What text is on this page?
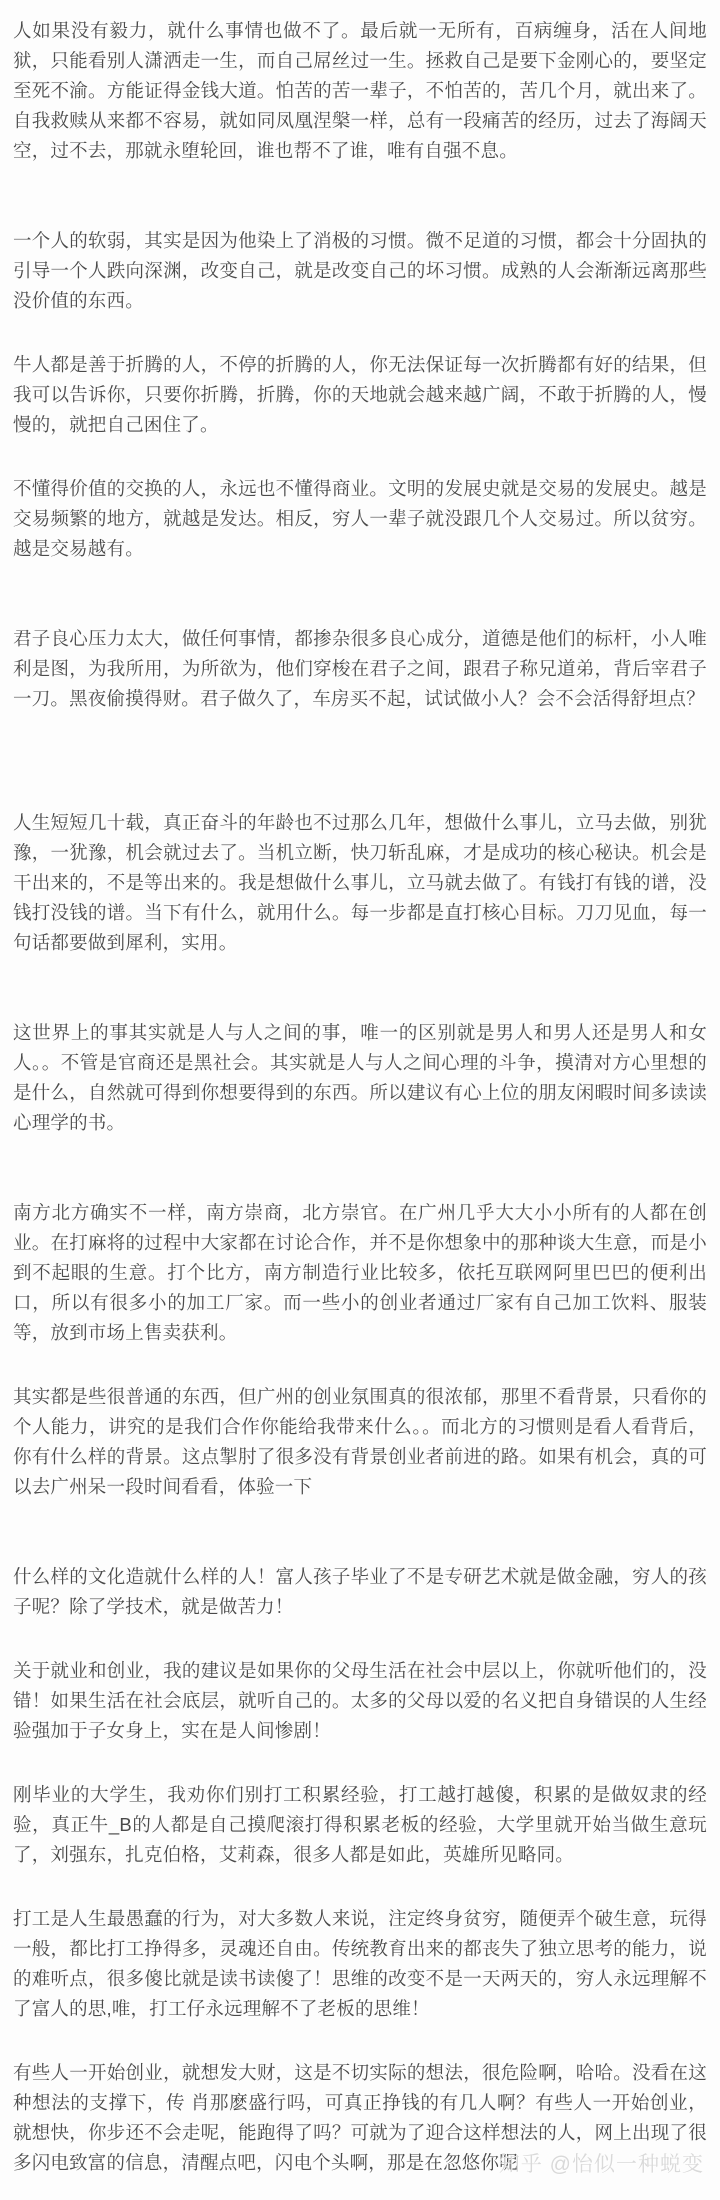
人如果没有毅力，就什么事情也做不了。最后就一无所有，百病缠身，活在人间地狱，只能看别人潇洒走一生，而自己屌丝过一生。拯救自己是要下金刚心的，要坚定至死不渝。方能证得金钱大道。怕苦的苦一辈子，不怕苦的，苦几个月，就出来了。自我救赎从来都不容易，就如同凤凰涅槃一样，总有一段痛苦的经历，过去了海阔天空，过不去，那就永堕轮回，谁也帮不了谁，唯有自强不息。

一个人的软弱，其实是因为他染上了消极的习惯。微不足道的习惯，都会十分固执的引导一个人跌向深渊，改变自己，就是改变自己的坏习惯。成熟的人会渐渐远离那些没价值的东西。

牛人都是善于折腾的人，不停的折腾的人，你无法保证每一次折腾都有好的结果，但我可以告诉你，只要你折腾，折腾，你的天地就会越来越广阔，不敢于折腾的人，慢慢的，就把自己困住了。

不懂得价值的交换的人，永远也不懂得商业。文明的发展史就是交易的发展史。越是交易频繁的地方，就越是发达。相反，穷人一辈子就没跟几个人交易过。所以贫穷。越是交易越有。

君子良心压力太大，做任何事情，都掺杂很多良心成分，道德是他们的标杆，小人唯利是图，为我所用，为所欲为，他们穿梭在君子之间，跟君子称兄道弟，背后宰君子一刀。黑夜偷摸得财。君子做久了，车房买不起，试试做小人？会不会活得舒坦点？

人生短短几十载，真正奋斗的年龄也不过那么几年，想做什么事儿，立马去做，别犹豫，一犹豫，机会就过去了。当机立断，快刀斩乱麻，才是成功的核心秘诀。机会是干出来的，不是等出来的。我是想做什么事儿，立马就去做了。有钱打有钱的谱，没钱打没钱的谱。当下有什么，就用什么。每一步都是直打核心目标。刀刀见血，每一句话都要做到犀利，实用。

这世界上的事其实就是人与人之间的事，唯一的区别就是男人和男人还是男人和女人。。不管是官商还是黑社会。其实就是人与人之间心理的斗争，摸清对方心里想的是什么，自然就可得到你想要得到的东西。所以建议有心上位的朋友闲暇时间多读读心理学的书。

南方北方确实不一样，南方崇商，北方崇官。在广州几乎大大小小所有的人都在创业。在打麻将的过程中大家都在讨论合作，并不是你想象中的那种谈大生意，而是小到不起眼的生意。打个比方，南方制造行业比较多，依托互联网阿里巴巴的便利出口，所以有很多小的加工厂家。而一些小的创业者通过厂家有自己加工饮料、服装等，放到市场上售卖获利。

其实都是些很普通的东西，但广州的创业氛围真的很浓郁，那里不看背景，只看你的个人能力，讲究的是我们合作你能给我带来什么。。而北方的习惯则是看人看背后，你有什么样的背景。这点掣肘了很多没有背景创业者前进的路。如果有机会，真的可以去广州呆一段时间看看，体验一下

什么样的文化造就什么样的人！富人孩子毕业了不是专研艺术就是做金融，穷人的孩子呢？除了学技术，就是做苦力！

关于就业和创业，我的建议是如果你的父母生活在社会中层以上，你就听他们的，没错！如果生活在社会底层，就听自己的。太多的父母以爱的名义把自身错误的人生经验强加于子女身上，实在是人间惨剧！

刚毕业的大学生，我劝你们别打工积累经验，打工越打越傻，积累的是做奴隶的经验，真正牛_B的人都是自己摸爬滚打得积累老板的经验，大学里就开始当做生意玩了，刘强东，扎克伯格，艾莉森，很多人都是如此，英雄所见略同。

打工是人生最愚蠢的行为，对大多数人来说，注定终身贫穷，随便弄个破生意，玩得一般，都比打工挣得多，灵魂还自由。传统教育出来的都丧失了独立思考的能力，说的难听点，很多傻比就是读书读傻了！思维的改变不是一天两天的，穷人永远理解不了富人的思,唯，打工仔永远理解不了老板的思维！

有些人一开始创业，就想发大财，这是不切实际的想法，很危险啊，哈哈。没看在这种想法的支撑下，传 肖那麽盛行吗，可真正挣钱的有几人啊？有些人一开始创业，就想快，你步还不会走呢，能跑得了吗？可就为了迎合这样想法的人，网上出现了很多闪电致富的信息，清醒点吧，闪电个头啊，那是在忽悠你呢

知乎 @怡似一种蜕变
